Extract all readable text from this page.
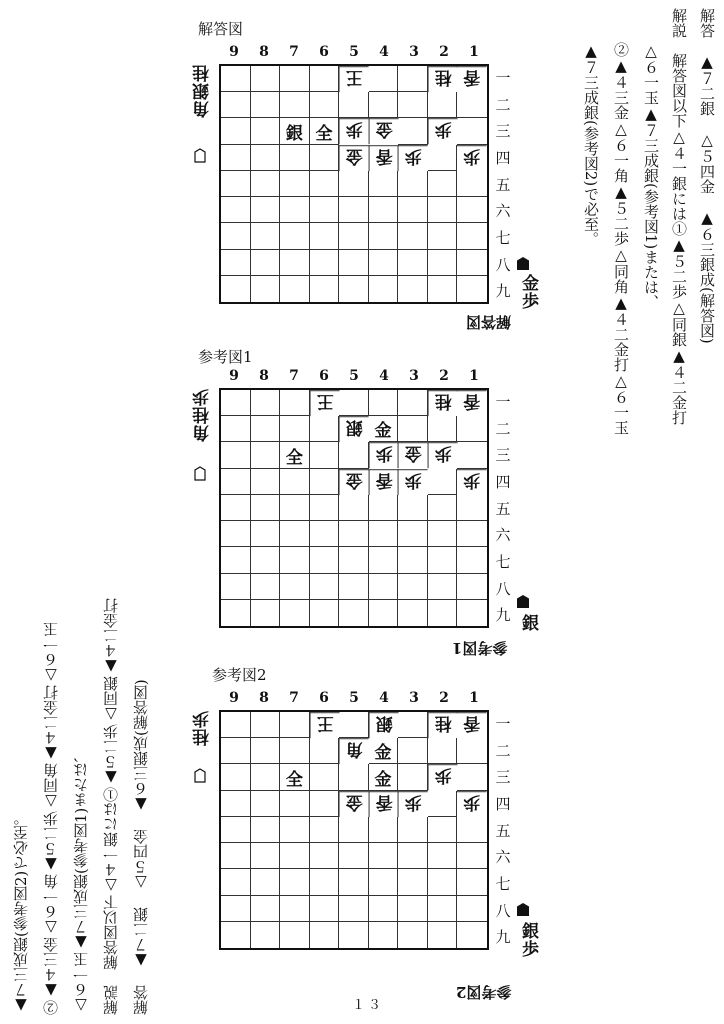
解答　▲７二銀　△５四金　▲６三銀成(解答図)
解説　解答図以下△４一銀には①▲５二歩△同銀▲４二金打
△６一玉▲７三成銀(参考図1)または、
②▲４三金△６一角▲５二歩△同角▲４二金打△６一玉
▲７三成銀(参考図2)で必至。
▲７三成銀(参考図2)で必至。 ②▲４三金△６一角▲５二歩△同角▲４二金打△６一玉 △６一玉▲７三成銀(参考図1)または、 解説　解答図以下△４一銀には①▲５二歩△同銀▲４二金打 解答　▲７二銀　△５四金　▲６三銀成(解答図)
解答図
9	8	7	6	5	4	3	2	1
王	桂 香
銀 全 歩 金	歩
金 香 歩	歩
一
二
三
四
五
六
七
八
九
角銀桂
金歩
解答図
参考図1
9	8	7	6	5	4	3	2	1
王	桂 香
銀 金
全	歩 金 歩
金 香 歩	歩
一
二
三
四
五
六
七
八
九
角桂歩
銀
参考図1
参考図2
9	8	7	6	5	4	3	2	1
王	銀	桂 香
角 金
全	金	歩
金 香 歩	歩
一
二
三
四
五
六
七
八
九
桂歩
銀歩
参考図2
１３
